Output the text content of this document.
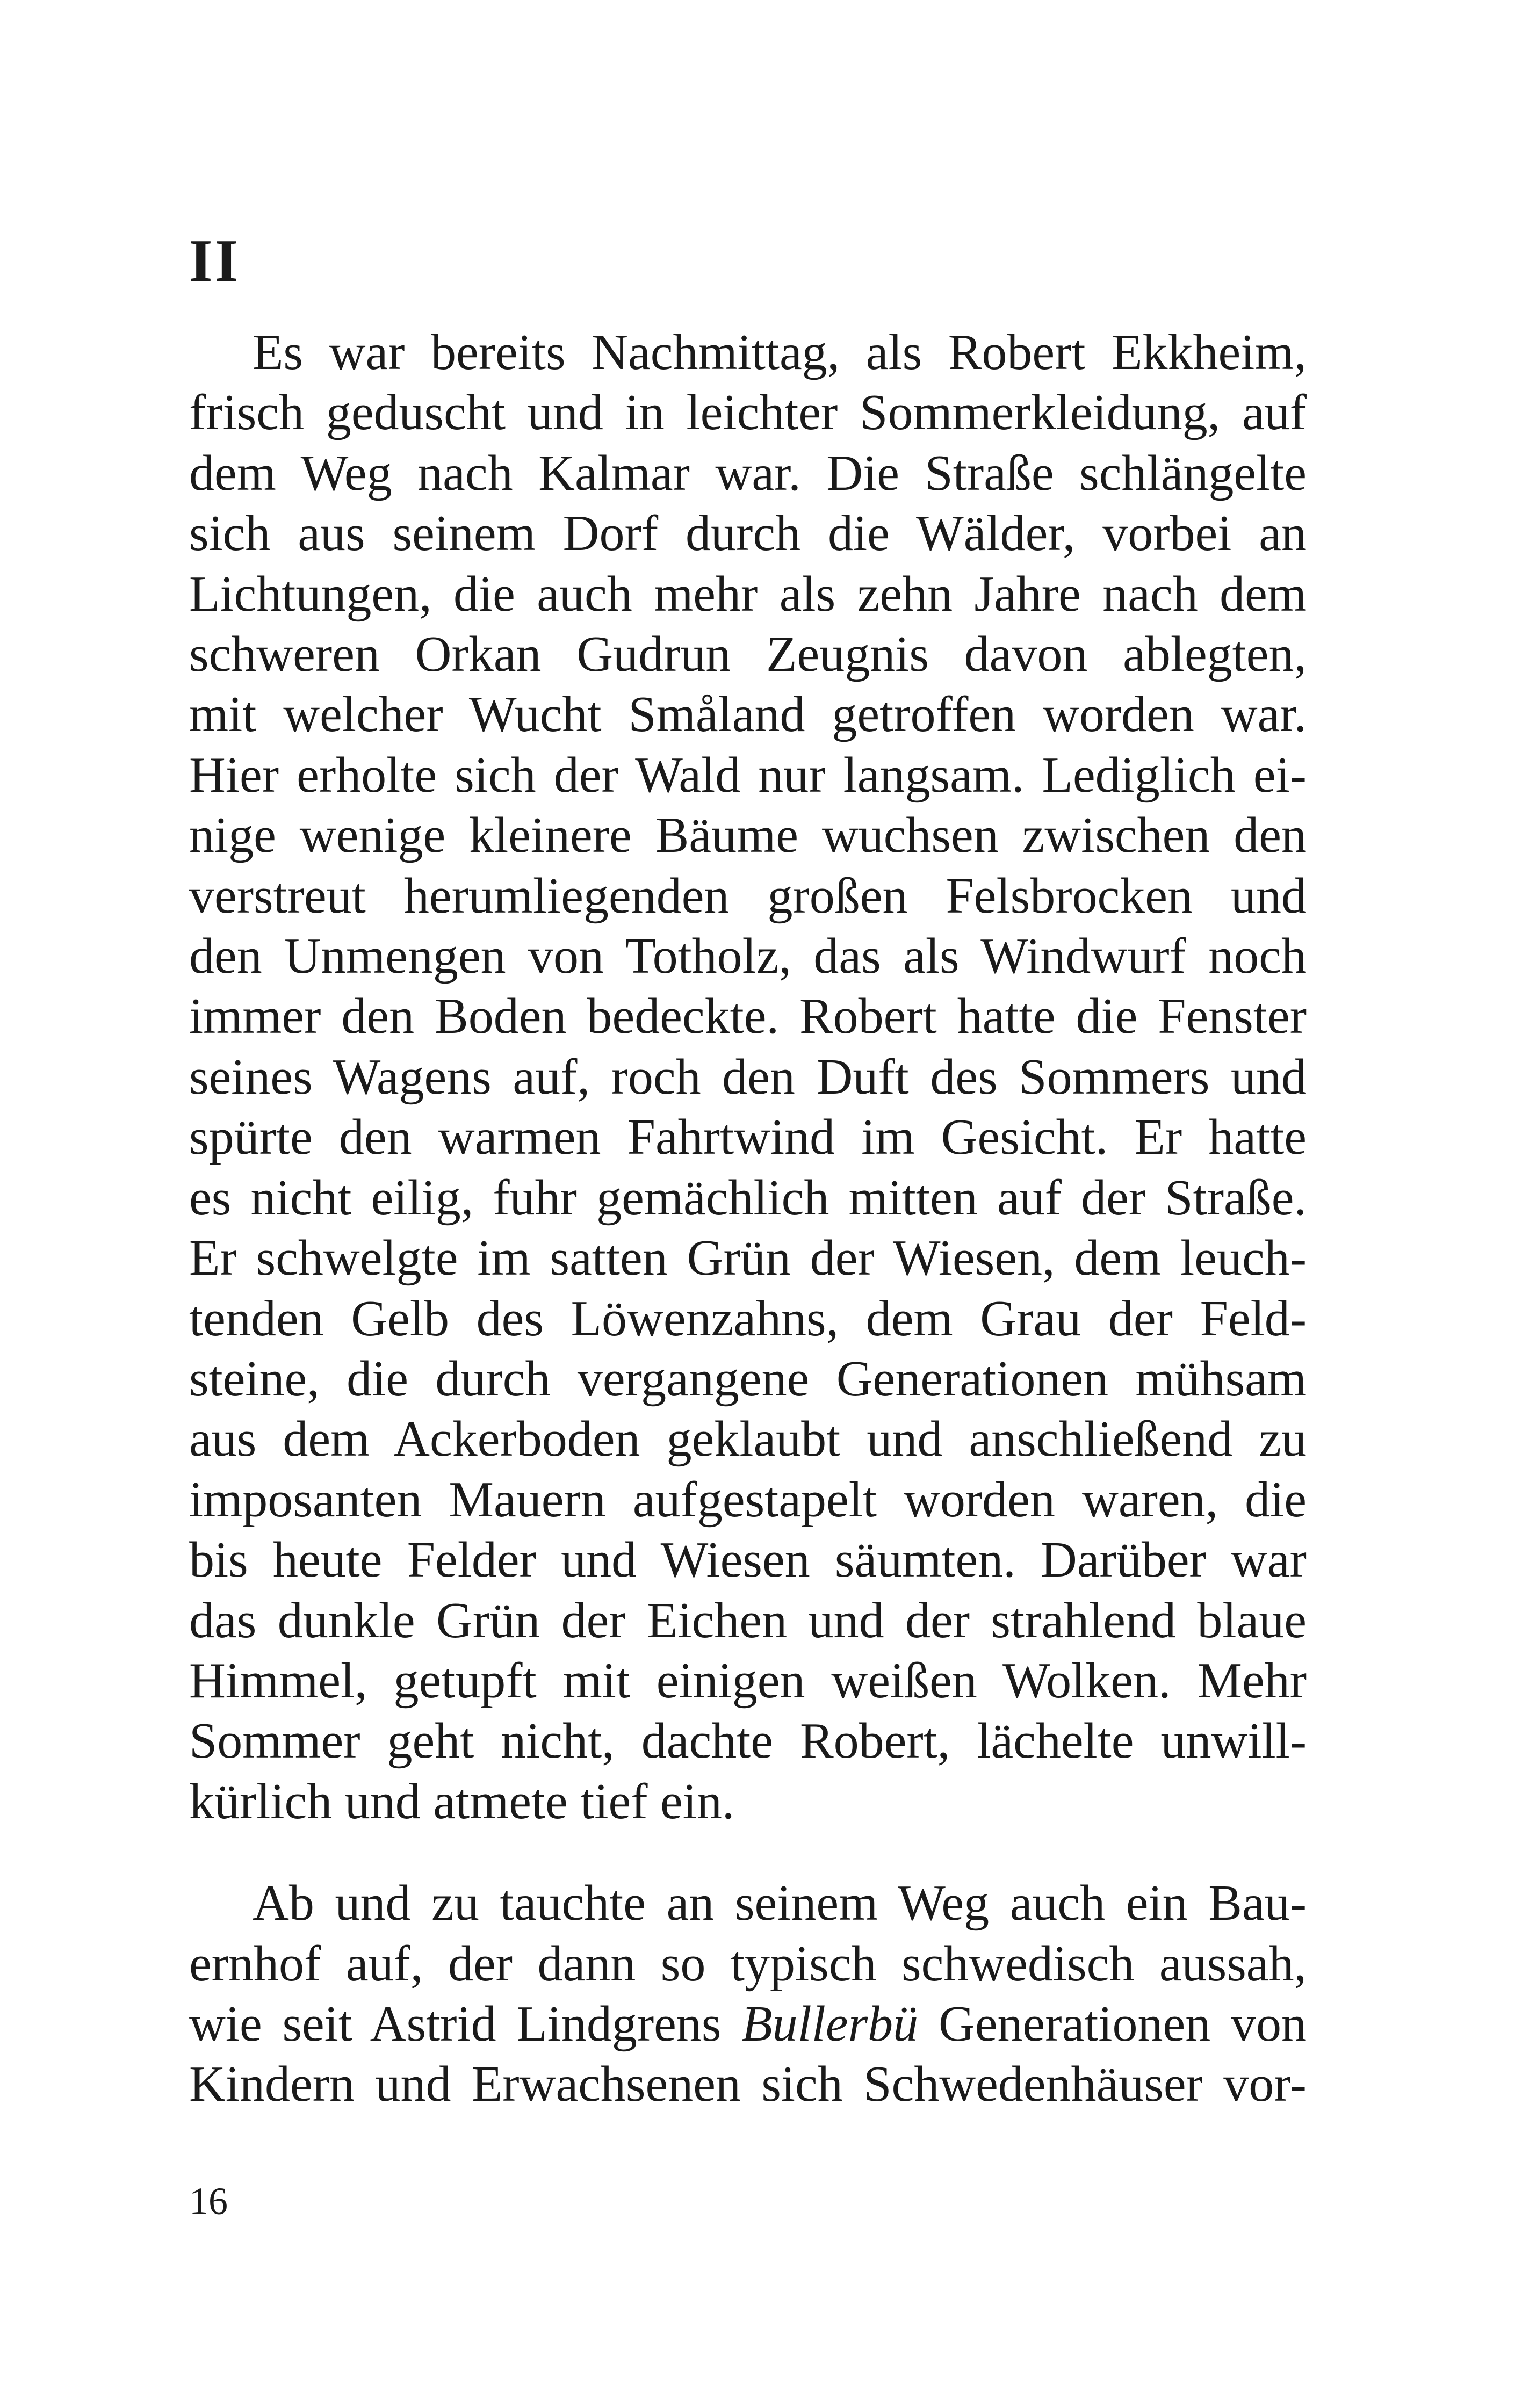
II
Es war bereits Nachmittag, als Robert Ekkheim,
frisch geduscht und in leichter Sommerkleidung, auf
dem Weg nach Kalmar war. Die Straße schlängelte
sich aus seinem Dorf durch die Wälder, vorbei an
Lichtungen, die auch mehr als zehn Jahre nach dem
schweren Orkan Gudrun Zeugnis davon ablegten,
mit welcher Wucht Småland getroffen worden war.
Hier erholte sich der Wald nur langsam. Lediglich ei-
nige wenige kleinere Bäume wuchsen zwischen den
verstreut herumliegenden großen Felsbrocken und
den Unmengen von Totholz, das als Windwurf noch
immer den Boden bedeckte. Robert hatte die Fenster
seines Wagens auf, roch den Duft des Sommers und
spürte den warmen Fahrtwind im Gesicht. Er hatte
es nicht eilig, fuhr gemächlich mitten auf der Straße.
Er schwelgte im satten Grün der Wiesen, dem leuch-
tenden Gelb des Löwenzahns, dem Grau der Feld-
steine, die durch vergangene Generationen mühsam
aus dem Ackerboden geklaubt und anschließend zu
imposanten Mauern aufgestapelt worden waren, die
bis heute Felder und Wiesen säumten. Darüber war
das dunkle Grün der Eichen und der strahlend blaue
Himmel, getupft mit einigen weißen Wolken. Mehr
Sommer geht nicht, dachte Robert, lächelte unwill-
kürlich und atmete tief ein.
Ab und zu tauchte an seinem Weg auch ein Bau-
ernhof auf, der dann so typisch schwedisch aussah,
wie seit Astrid Lindgrens Bullerbü Generationen von
Kindern und Erwachsenen sich Schwedenhäuser vor-

16
